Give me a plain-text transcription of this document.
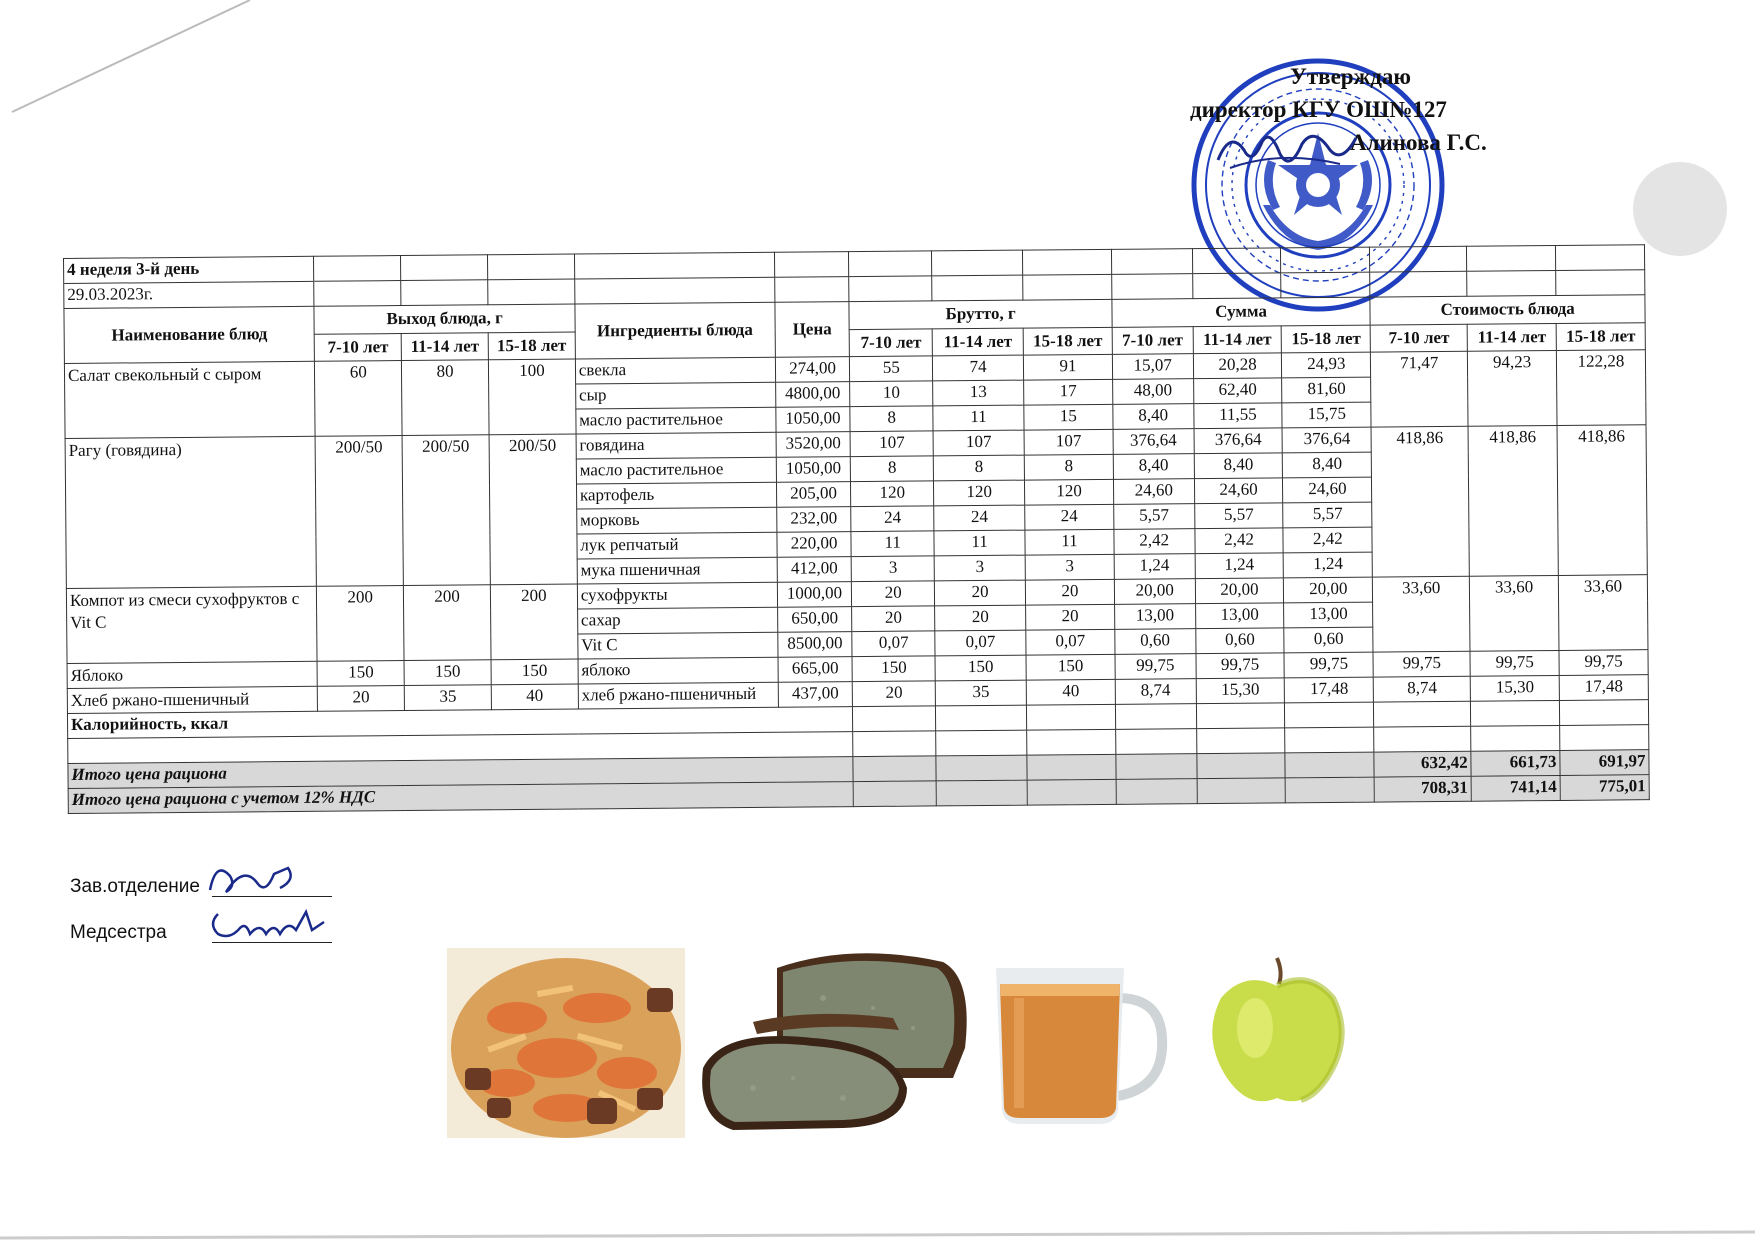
Утверждаю
директор КГУ ОШ№127
Алинова Г.С.
4 неделя 3-й день														
29.03.2023г.														
Наименование блюд	Выход блюда, г			Ингредиенты блюда	Цена	Брутто, г			Сумма			Стоимость блюда		
	7-10 лет	11-14 лет	15-18 лет			7-10 лет	11-14 лет	15-18 лет	7-10 лет	11-14 лет	15-18 лет	7-10 лет	11-14 лет	15-18 лет
Салат свекольный с сыром	60	80	100	свекла	274,00	55	74	91	15,07	20,28	24,93	71,47	94,23	122,28
				сыр	4800,00	10	13	17	48,00	62,40	81,60			
				масло растительное	1050,00	8	11	15	8,40	11,55	15,75			
Рагу (говядина)	200/50	200/50	200/50	говядина	3520,00	107	107	107	376,64	376,64	376,64	418,86	418,86	418,86
				масло растительное	1050,00	8	8	8	8,40	8,40	8,40			
				картофель	205,00	120	120	120	24,60	24,60	24,60			
				морковь	232,00	24	24	24	5,57	5,57	5,57			
				лук репчатый	220,00	11	11	11	2,42	2,42	2,42			
				мука пшеничная	412,00	3	3	3	1,24	1,24	1,24			
Компот из смеси сухофруктов с Vit C	200	200	200	сухофрукты	1000,00	20	20	20	20,00	20,00	20,00	33,60	33,60	33,60
				сахар	650,00	20	20	20	13,00	13,00	13,00			
				Vit C	8500,00	0,07	0,07	0,07	0,60	0,60	0,60			
Яблоко	150	150	150	яблоко	665,00	150	150	150	99,75	99,75	99,75	99,75	99,75	99,75
Хлеб ржано-пшеничный	20	35	40	хлеб ржано-пшеничный	437,00	20	35	40	8,74	15,30	17,48	8,74	15,30	17,48
Калорийность, ккал														

Итого цена рациона												632,42	661,73	691,97
Итого цена рациона с учетом 12% НДС												708,31	741,14	775,01
Зав.отделение
Медсестра
